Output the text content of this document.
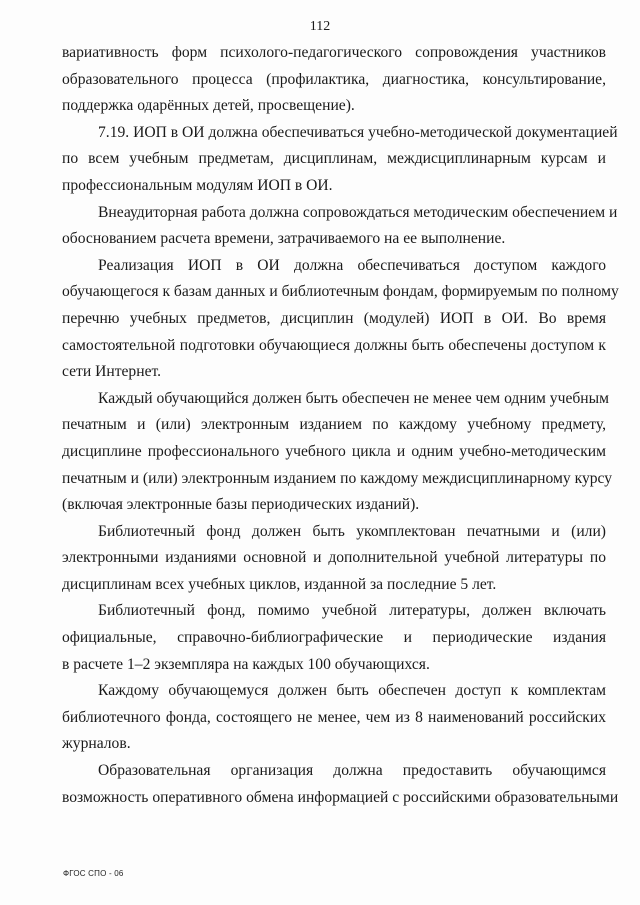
112

вариативность форм психолого-педагогического сопровождения участников
образовательного процесса (профилактика, диагностика, консультирование,
поддержка одарённых детей, просвещение).

7.19. ИОП в ОИ должна обеспечиваться учебно-методической документацией
по всем учебным предметам, дисциплинам, междисциплинарным курсам и
профессиональным модулям ИОП в ОИ.

Внеаудиторная работа должна сопровождаться методическим обеспечением и
обоснованием расчета времени, затрачиваемого на ее выполнение.

Реализация ИОП в ОИ должна обеспечиваться доступом каждого
обучающегося к базам данных и библиотечным фондам, формируемым по полному
перечню учебных предметов, дисциплин (модулей) ИОП в ОИ. Во время
самостоятельной подготовки обучающиеся должны быть обеспечены доступом к
сети Интернет.

Каждый обучающийся должен быть обеспечен не менее чем одним учебным
печатным и (или) электронным изданием по каждому учебному предмету,
дисциплине профессионального учебного цикла и одним учебно-методическим
печатным и (или) электронным изданием по каждому междисциплинарному курсу
(включая электронные базы периодических изданий).

Библиотечный фонд должен быть укомплектован печатными и (или)
электронными изданиями основной и дополнительной учебной литературы по
дисциплинам всех учебных циклов, изданной за последние 5 лет.

Библиотечный фонд, помимо учебной литературы, должен включать
официальные, справочно-библиографические и периодические издания
в расчете 1–2 экземпляра на каждых 100 обучающихся.

Каждому обучающемуся должен быть обеспечен доступ к комплектам
библиотечного фонда, состоящего не менее, чем из 8 наименований российских
журналов.

Образовательная организация должна предоставить обучающимся
возможность оперативного обмена информацией с российскими образовательными

ФГОС СПО - 06
